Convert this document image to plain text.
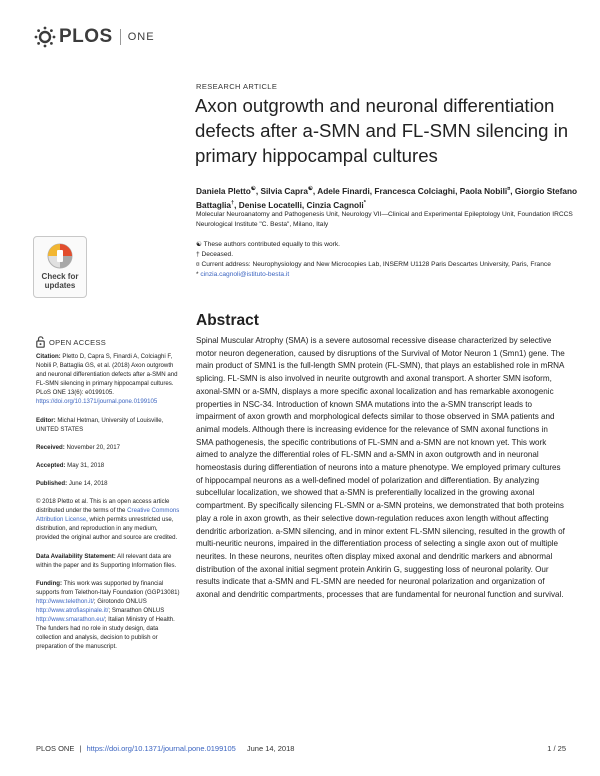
PLOS ONE
RESEARCH ARTICLE
Axon outgrowth and neuronal differentiation defects after a-SMN and FL-SMN silencing in primary hippocampal cultures
Daniela Pletto☯, Silvia Capra☯, Adele Finardi, Francesca Colciaghi, Paola Nobili¤, Giorgio Stefano Battaglia†, Denise Locatelli, Cinzia Cagnoli*
Molecular Neuroanatomy and Pathogenesis Unit, Neurology VII—Clinical and Experimental Epileptology Unit, Foundation IRCCS Neurological Institute "C. Besta", Milano, Italy
☯ These authors contributed equally to this work.
† Deceased.
¤ Current address: Neurophysiology and New Microcopies Lab, INSERM U1128 Paris Descartes University, Paris, France
* cinzia.cagnoli@istituto-besta.it
Check for
updates
OPEN ACCESS
Citation: Pletto D, Capra S, Finardi A, Colciaghi F, Nobili P, Battaglia GS, et al. (2018) Axon outgrowth and neuronal differentiation defects after a-SMN and FL-SMN silencing in primary hippocampal cultures. PLoS ONE 13(6): e0199105. https://doi.org/10.1371/journal.pone.0199105
Editor: Michal Hetman, University of Louisville, UNITED STATES
Received: November 20, 2017
Accepted: May 31, 2018
Published: June 14, 2018
© 2018 Pletto et al. This is an open access article distributed under the terms of the Creative Commons Attribution License, which permits unrestricted use, distribution, and reproduction in any medium, provided the original author and source are credited.
Data Availability Statement: All relevant data are within the paper and its Supporting Information files.
Funding: This work was supported by financial supports from Telethon-Italy Foundation (GGP13081) http://www.telethon.it/; Girotondo ONLUS http://www.atrofiaspinale.it/; Smarathon ONLUS http://www.smarathon.eu/; Italian Ministry of Health. The funders had no role in study design, data collection and analysis, decision to publish or preparation of the manuscript.
Abstract

Spinal Muscular Atrophy (SMA) is a severe autosomal recessive disease characterized by selective motor neuron degeneration, caused by disruptions of the Survival of Motor Neuron 1 (Smn1) gene. The main product of SMN1 is the full-length SMN protein (FL-SMN), that plays an established role in mRNA splicing. FL-SMN is also involved in neurite outgrowth and axonal transport. A shorter SMN isoform, axonal-SMN or a-SMN, displays a more specific axonal localization and has remarkable axonogenic properties in NSC-34. Introduction of known SMA mutations into the a-SMN transcript leads to impairment of axon growth and morphological defects similar to those observed in SMA patients and animal models. Although there is increasing evidence for the relevance of SMN axonal functions in SMA pathogenesis, the specific contributions of FL-SMN and a-SMN are not known yet. This work aimed to analyze the differential roles of FL-SMN and a-SMN in axon outgrowth and in neuronal homeostasis during differentiation of neurons into a mature phenotype. We employed primary cultures of hippocampal neurons as a well-defined model of polarization and differentiation. By analyzing subcellular localization, we showed that a-SMN is preferentially localized in the growing axonal compartment. By specifically silencing FL-SMN or a-SMN proteins, we demonstrated that both proteins play a role in axon growth, as their selective down-regulation reduces axon length without affecting dendritic arborization. a-SMN silencing, and in minor extent FL-SMN silencing, resulted in the growth of multi-neuritic neurons, impaired in the differentiation process of selecting a single axon out of multiple neurites. In these neurons, neurites often display mixed axonal and dendritic markers and abnormal distribution of the axonal initial segment protein Ankirin G, suggesting loss of neuronal polarity. Our results indicate that a-SMN and FL-SMN are needed for neuronal polarization and organization of axonal and dendritic compartments, processes that are fundamental for neuronal function and survival.

PLOS ONE | https://doi.org/10.1371/journal.pone.0199105 June 14, 2018	1 / 25
